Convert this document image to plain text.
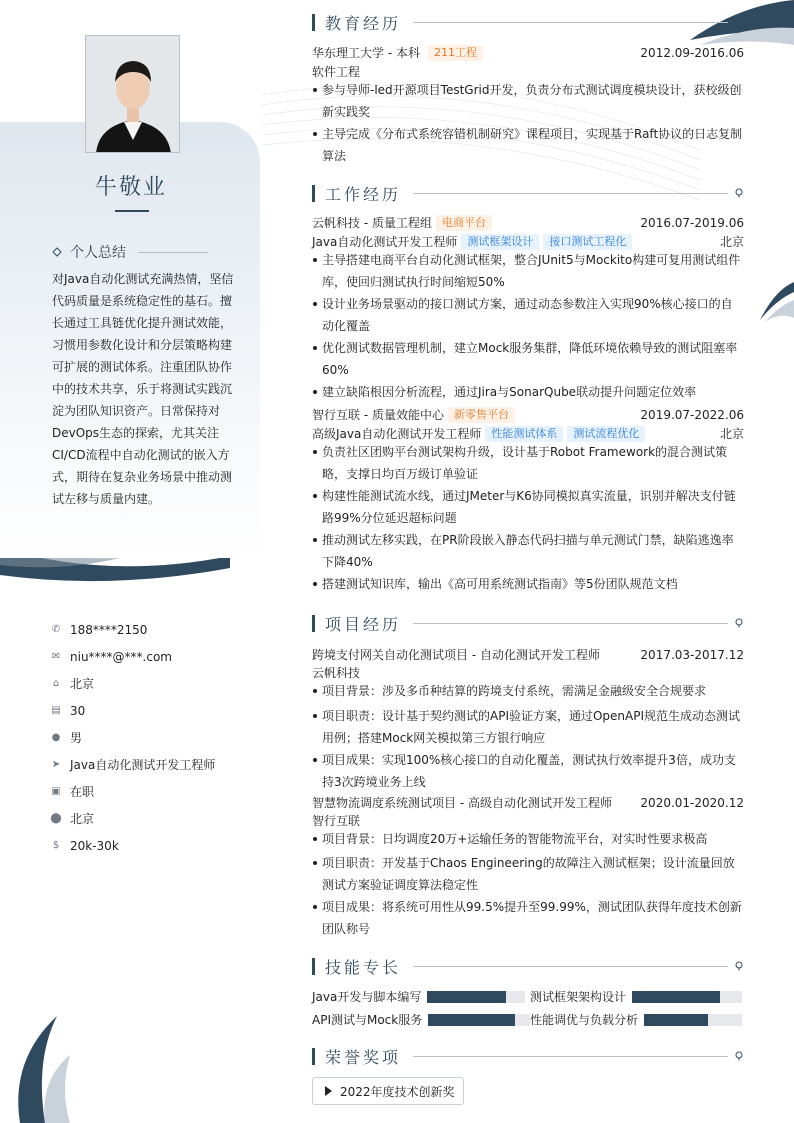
牛敬业
个人总结
对Java自动化测试充满热情，坚信代码质量是系统稳定性的基石。擅长通过工具链优化提升测试效能，习惯用参数化设计和分层策略构建可扩展的测试体系。注重团队协作中的技术共享，乐于将测试实践沉淀为团队知识资产。日常保持对DevOps生态的探索，尤其关注CI/CD流程中自动化测试的嵌入方式，期待在复杂业务场景中推动测试左移与质量内建。
✆ 188****2150
✉ niu****@***.com
⌂ 北京
▤ 30
● 男
➤ Java自动化测试开发工程师
▣ 在职
⬤ 北京
$ 20k-30k
教育经历
华东理工大学 - 本科	211工程	2012.09-2016.06
软件工程
参与导师-led开源项目TestGrid开发，负责分布式测试调度模块设计，获校级创新实践奖
主导完成《分布式系统容错机制研究》课程项目，实现基于Raft协议的日志复制算法
工作经历
云帆科技 - 质量工程组 电商平台	2016.07-2019.06
Java自动化测试开发工程师 测试框架设计	接口测试工程化	北京
主导搭建电商平台自动化测试框架，整合JUnit5与Mockito构建可复用测试组件库，使回归测试执行时间缩短50%
设计业务场景驱动的接口测试方案，通过动态参数注入实现90%核心接口的自动化覆盖
优化测试数据管理机制，建立Mock服务集群，降低环境依赖导致的测试阻塞率60%
建立缺陷根因分析流程，通过Jira与SonarQube联动提升问题定位效率
智行互联 - 质量效能中心 新零售平台	2019.07-2022.06
高级Java自动化测试开发工程师 性能测试体系	测试流程优化	北京
负责社区团购平台测试架构升级，设计基于Robot Framework的混合测试策略，支撑日均百万级订单验证
构建性能测试流水线，通过JMeter与K6协同模拟真实流量，识别并解决支付链路99%分位延迟超标问题
推动测试左移实践，在PR阶段嵌入静态代码扫描与单元测试门禁，缺陷逃逸率下降40%
搭建测试知识库，输出《高可用系统测试指南》等5份团队规范文档
项目经历
跨境支付网关自动化测试项目 - 自动化测试开发工程师	2017.03-2017.12
云帆科技
项目背景：涉及多币种结算的跨境支付系统，需满足金融级安全合规要求
项目职责：设计基于契约测试的API验证方案，通过OpenAPI规范生成动态测试用例；搭建Mock网关模拟第三方银行响应
项目成果：实现100%核心接口的自动化覆盖，测试执行效率提升3倍，成功支持3次跨境业务上线
智慧物流调度系统测试项目 - 高级自动化测试开发工程师 2020.01-2020.12
智行互联
项目背景：日均调度20万+运输任务的智能物流平台，对实时性要求极高
项目职责：开发基于Chaos Engineering的故障注入测试框架；设计流量回放测试方案验证调度算法稳定性
项目成果：将系统可用性从99.5%提升至99.99%，测试团队获得年度技术创新团队称号
技能专长
Java开发与脚本编写	测试框架架构设计
API测试与Mock服务	性能调优与负载分析
荣誉奖项
2022年度技术创新奖
